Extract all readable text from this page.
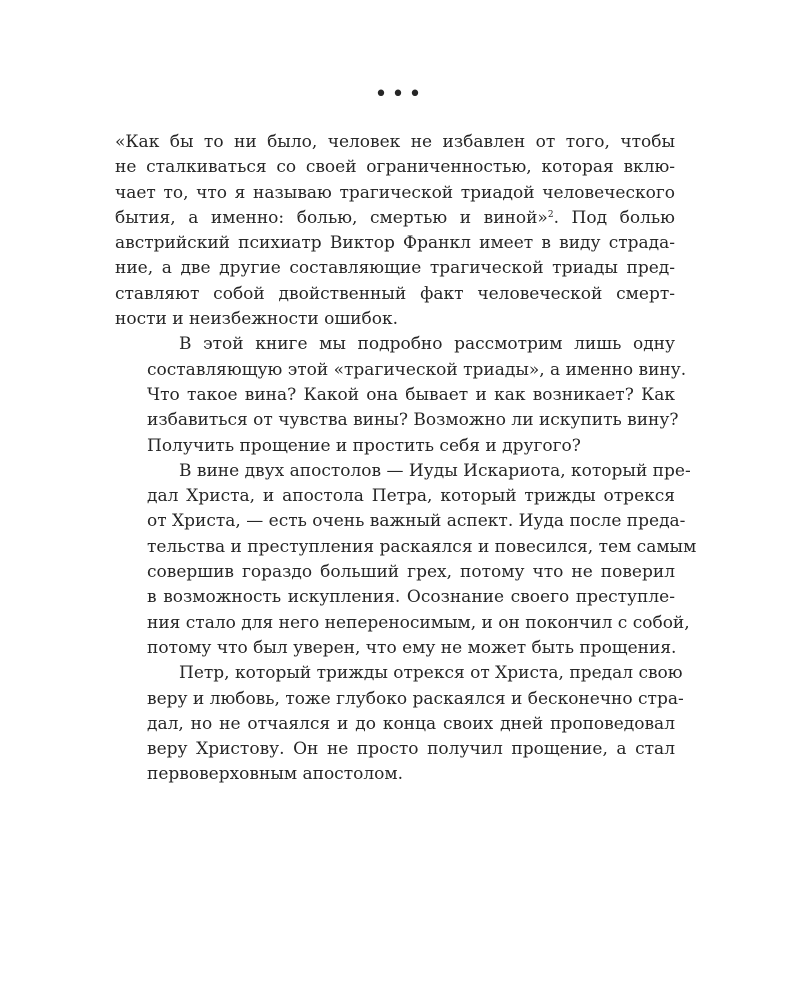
•••

«Как бы то ни было, человек не избавлен от того, чтобы
не сталкиваться со своей ограниченностью, которая вклю-
чает то, что я называю трагической триадой человеческого
бытия, а именно: болью, смертью и виной»$^2$. Под болью
австрийский психиатр Виктор Франкл имеет в виду страда-
ние, а две другие составляющие трагической триады пред-
ставляют собой двойственный факт человеческой смерт-
ности и неизбежности ошибок.

В этой книге мы подробно рассмотрим лишь одну
составляющую этой «трагической триады», а именно вину.
Что такое вина? Какой она бывает и как возникает? Как
избавиться от чувства вины? Возможно ли искупить вину?
Получить прощение и простить себя и другого?

В вине двух апостолов — Иуды Искариота, который пре-
дал Христа, и апостола Петра, который трижды отрекся
от Христа, — есть очень важный аспект. Иуда после преда-
тельства и преступления раскаялся и повесился, тем самым
совершив гораздо больший грех, потому что не поверил
в возможность искупления. Осознание своего преступле-
ния стало для него непереносимым, и он покончил с собой,
потому что был уверен, что ему не может быть прощения.

Петр, который трижды отрекся от Христа, предал свою
веру и любовь, тоже глубоко раскаялся и бесконечно стра-
дал, но не отчаялся и до конца своих дней проповедовал
веру Христову. Он не просто получил прощение, а стал
первоверховным апостолом.
